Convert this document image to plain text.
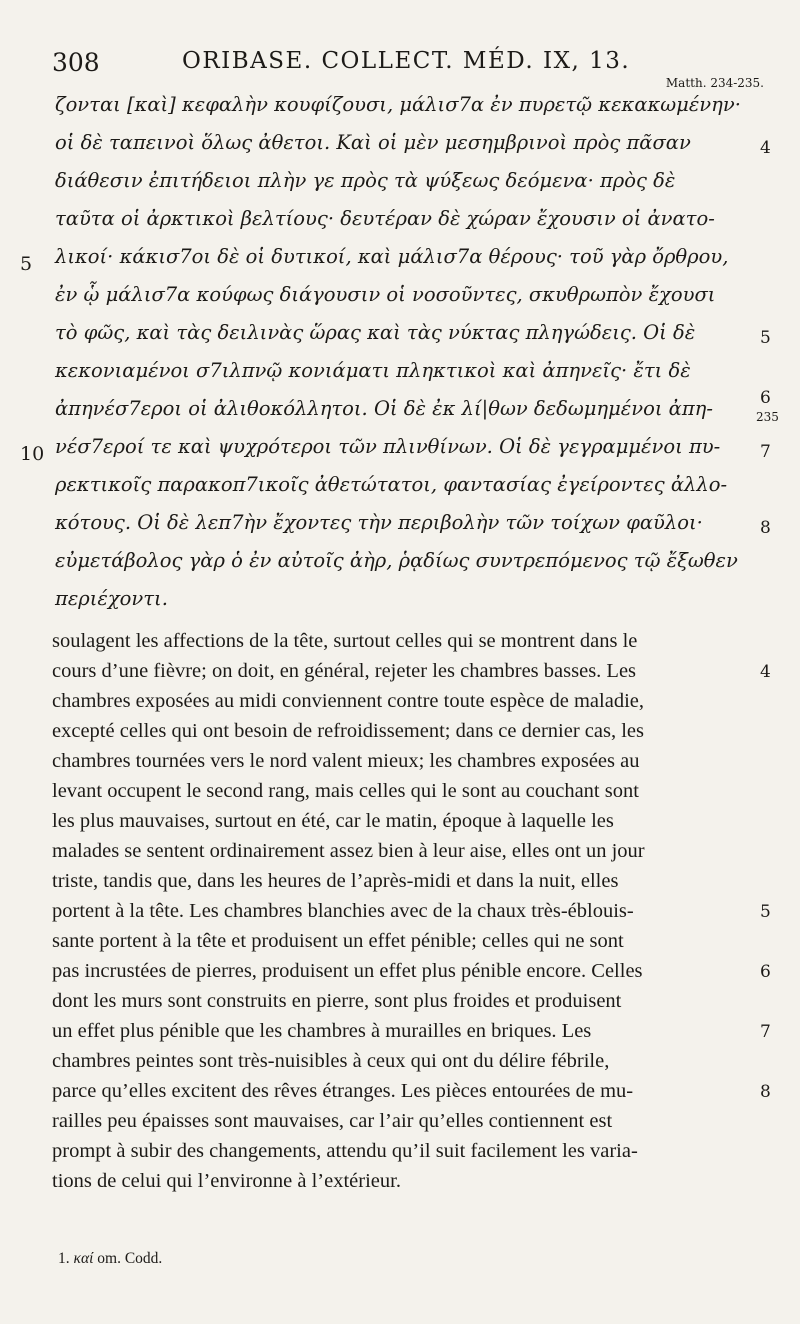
308	ORIBASE. COLLECT. MÉD. IX, 13.
Matth. 234-235.
ζονται [καὶ] κεφαλὴν κουφίζουσι, μάλισ7α ἐν πυρετῷ κεκακωμένην·
οἱ δὲ ταπεινοὶ ὅλως ἀθετοι. Καὶ οἱ μὲν μεσημβρινοὶ πρὸς πᾶσαν
διάθεσιν ἐπιτήδειοι πλὴν γε πρὸς τὰ ψύξεως δεόμενα· πρὸς δὲ
ταῦτα οἱ ἀρκτικοὶ βελτίους· δευτέραν δὲ χώραν ἔχουσιν οἱ ἀνατο-
λικοί· κάκισ7οι δὲ οἱ δυτικοί, καὶ μάλισ7α θέρους· τοῦ γὰρ ὄρθρου,
ἐν ᾧ μάλισ7α κούφως διάγουσιν οἱ νοσοῦντες, σκυθρωπὸν ἔχουσι
τὸ φῶς, καὶ τὰς δειλινὰς ὥρας καὶ τὰς νύκτας πληγώδεις. Οἱ δὲ
κεκονιαμένοι σ7ιλπνῷ κονιάματι πληκτικοὶ καὶ ἀπηνεῖς· ἔτι δὲ
ἀπηνέσ7εροι οἱ ἀλιθοκόλλητοι. Οἱ δὲ ἐκ λί|θων δεδωμημένοι ἀπη-
νέσ7εροί τε καὶ ψυχρότεροι τῶν πλινθίνων. Οἱ δὲ γεγραμμένοι πυ-
ρεκτικοῖς παρακοπ7ικοῖς ἀθετώτατοι, φαντασίας ἐγείροντες ἀλλο-
κότους. Οἱ δὲ λεπ7ὴν ἔχοντες τὴν περιβολὴν τῶν τοίχων φαῦλοι·
εὐμετάβολος γὰρ ὁ ἐν αὐτοῖς ἀὴρ, ῥᾳδίως συντρεπόμενος τῷ ἔξωθεν
περιέχοντι.
5
10
4
5
6
235
7
8
soulagent les affections de la tête, surtout celles qui se montrent dans le
cours d’une fièvre; on doit, en général, rejeter les chambres basses. Les
chambres exposées au midi conviennent contre toute espèce de maladie,
excepté celles qui ont besoin de refroidissement; dans ce dernier cas, les
chambres tournées vers le nord valent mieux; les chambres exposées au
levant occupent le second rang, mais celles qui le sont au couchant sont
les plus mauvaises, surtout en été, car le matin, époque à laquelle les
malades se sentent ordinairement assez bien à leur aise, elles ont un jour
triste, tandis que, dans les heures de l’après-midi et dans la nuit, elles
portent à la tête. Les chambres blanchies avec de la chaux très-éblouis-
sante portent à la tête et produisent un effet pénible; celles qui ne sont
pas incrustées de pierres, produisent un effet plus pénible encore. Celles
dont les murs sont construits en pierre, sont plus froides et produisent
un effet plus pénible que les chambres à murailles en briques. Les
chambres peintes sont très-nuisibles à ceux qui ont du délire fébrile,
parce qu’elles excitent des rêves étranges. Les pièces entourées de mu-
railles peu épaisses sont mauvaises, car l’air qu’elles contiennent est
prompt à subir des changements, attendu qu’il suit facilement les varia-
tions de celui qui l’environne à l’extérieur.
4
5
6
7
8
1. καί om. Codd.
